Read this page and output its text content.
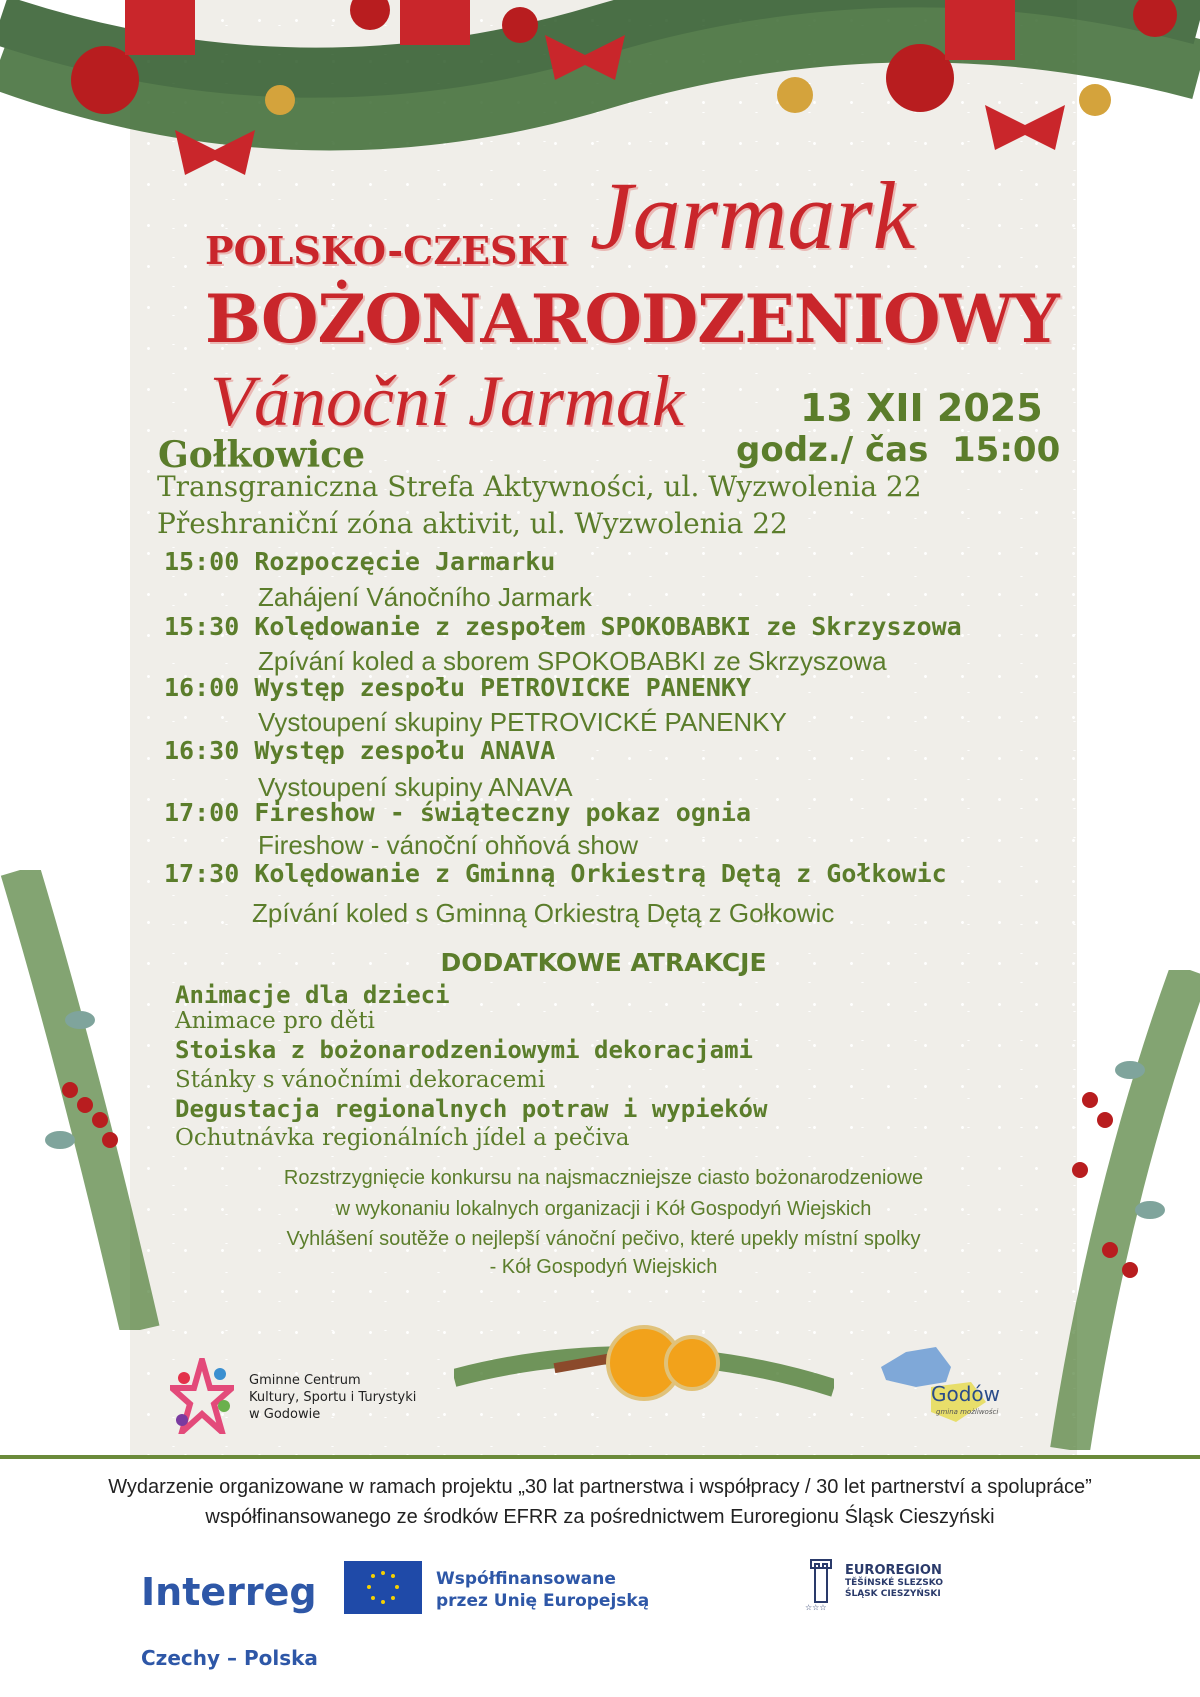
POLSKO-CZESKI Jarmark
BOŻONARODZENIOWY
Vánoční Jarmak	13 XII 2025
godz./ čas  15:00
Gołkowice
Transgraniczna Strefa Aktywności, ul. Wyzwolenia 22
Přeshraniční zóna aktivit, ul. Wyzwolenia 22
15:00 Rozpoczęcie Jarmarku
Zahájení Vánočního Jarmark
15:30 Kolędowanie z zespołem SPOKOBABKI ze Skrzyszowa
Zpívání koled a sborem SPOKOBABKI ze Skrzyszowa
16:00 Występ zespołu PETROVICKE PANENKY
Vystoupení skupiny PETROVICKÉ PANENKY
16:30 Występ zespołu ANAVA
Vystoupení skupiny ANAVA
17:00 Fireshow - świąteczny pokaz ognia
Fireshow - vánoční ohňová show
17:30 Kolędowanie z Gminną Orkiestrą Dętą z Gołkowic
Zpívání koled s Gminną Orkiestrą Dętą z Gołkowic
DODATKOWE ATRAKCJE
Animacje dla dzieci
Animace pro děti
Stoiska z bożonarodzeniowymi dekoracjami
Stánky s vánočními dekoracemi
Degustacja regionalnych potraw i wypieków
Ochutnávka regionálních jídel a pečiva
Rozstrzygnięcie konkursu na najsmaczniejsze ciasto bożonarodzeniowe
w wykonaniu lokalnych organizacji i Kół Gospodyń Wiejskich
Vyhlášení soutěže o nejlepší vánoční pečivo, které upekly místní spolky
- Kół Gospodyń Wiejskich
Gminne Centrum
Kultury, Sportu i Turystyki
w Godowie
Godów
gmina możliwości
Wydarzenie organizowane w ramach projektu „30 lat partnerstwa i współpracy / 30 let partnerství a spolupráce”
współfinansowanego ze środków EFRR za pośrednictwem Euroregionu Śląsk Cieszyński
Interreg
Czechy – Polska
Współfinansowane
przez Unię Europejską	☆☆☆
EUROREGION
TĚŠÍNSKÉ SLEZSKO
ŚLĄSK CIESZYŃSKI
